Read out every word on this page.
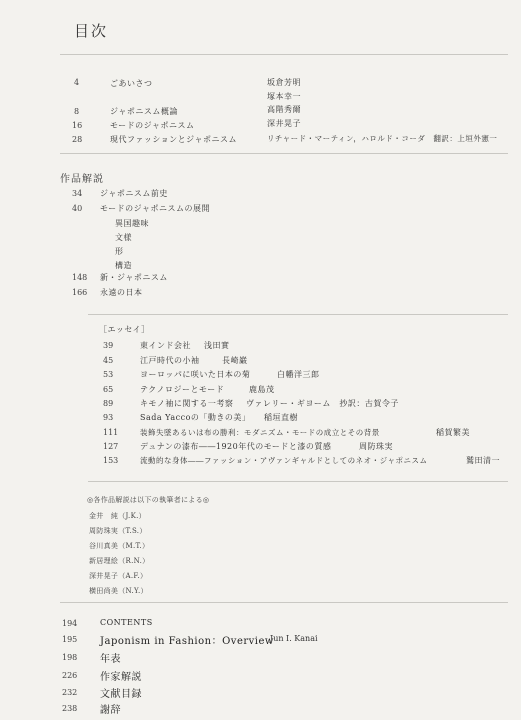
目次
4	ごあいさつ	坂倉芳明
塚本幸一
8	ジャポニスム概論	高階秀爾
16	モードのジャポニスム	深井晃子
28	現代ファッションとジャポニスム	リチャード・マーティン，ハロルド・コーダ　翻訳：上垣外憲一
作品解説
34 ジャポニスム前史
40 モードのジャポニスムの展開
異国趣味
文様
形
構造
148 新・ジャポニスム
166 永遠の日本
［エッセイ］
39	東インド会社 浅田實
45	江戸時代の小袖	長崎巌
53	ヨーロッパに咲いた日本の菊	白幡洋三郎
65	テクノロジーとモード	鹿島茂
89	キモノ袖に関する一考察 ヴァレリー・ギヨーム　抄訳：古賀令子
93	Sada Yaccoの「動きの美」 稲垣直樹
111	装飾失墜あるいは布の勝利：モダニズム・モードの成立とその背景	稲賀繁美
127	デュナンの漆布――1920年代のモードと漆の質感	周防珠実
153	流動的な身体――ファッション・アヴァンギャルドとしてのネオ・ジャポニスム	鷲田清一
◎各作品解説は以下の執筆者による◎
金井　純（J.K.）
周防珠実（T.S.）
谷川真美（M.T.）
新居理絵（R.N.）
深井晃子（A.F.）
横田尚美（N.Y.）
194	CONTENTS
195 Japonism in Fashion：Overview
Jun I. Kanai
198 年表
226 作家解説
232 文献目録
238 謝辞
